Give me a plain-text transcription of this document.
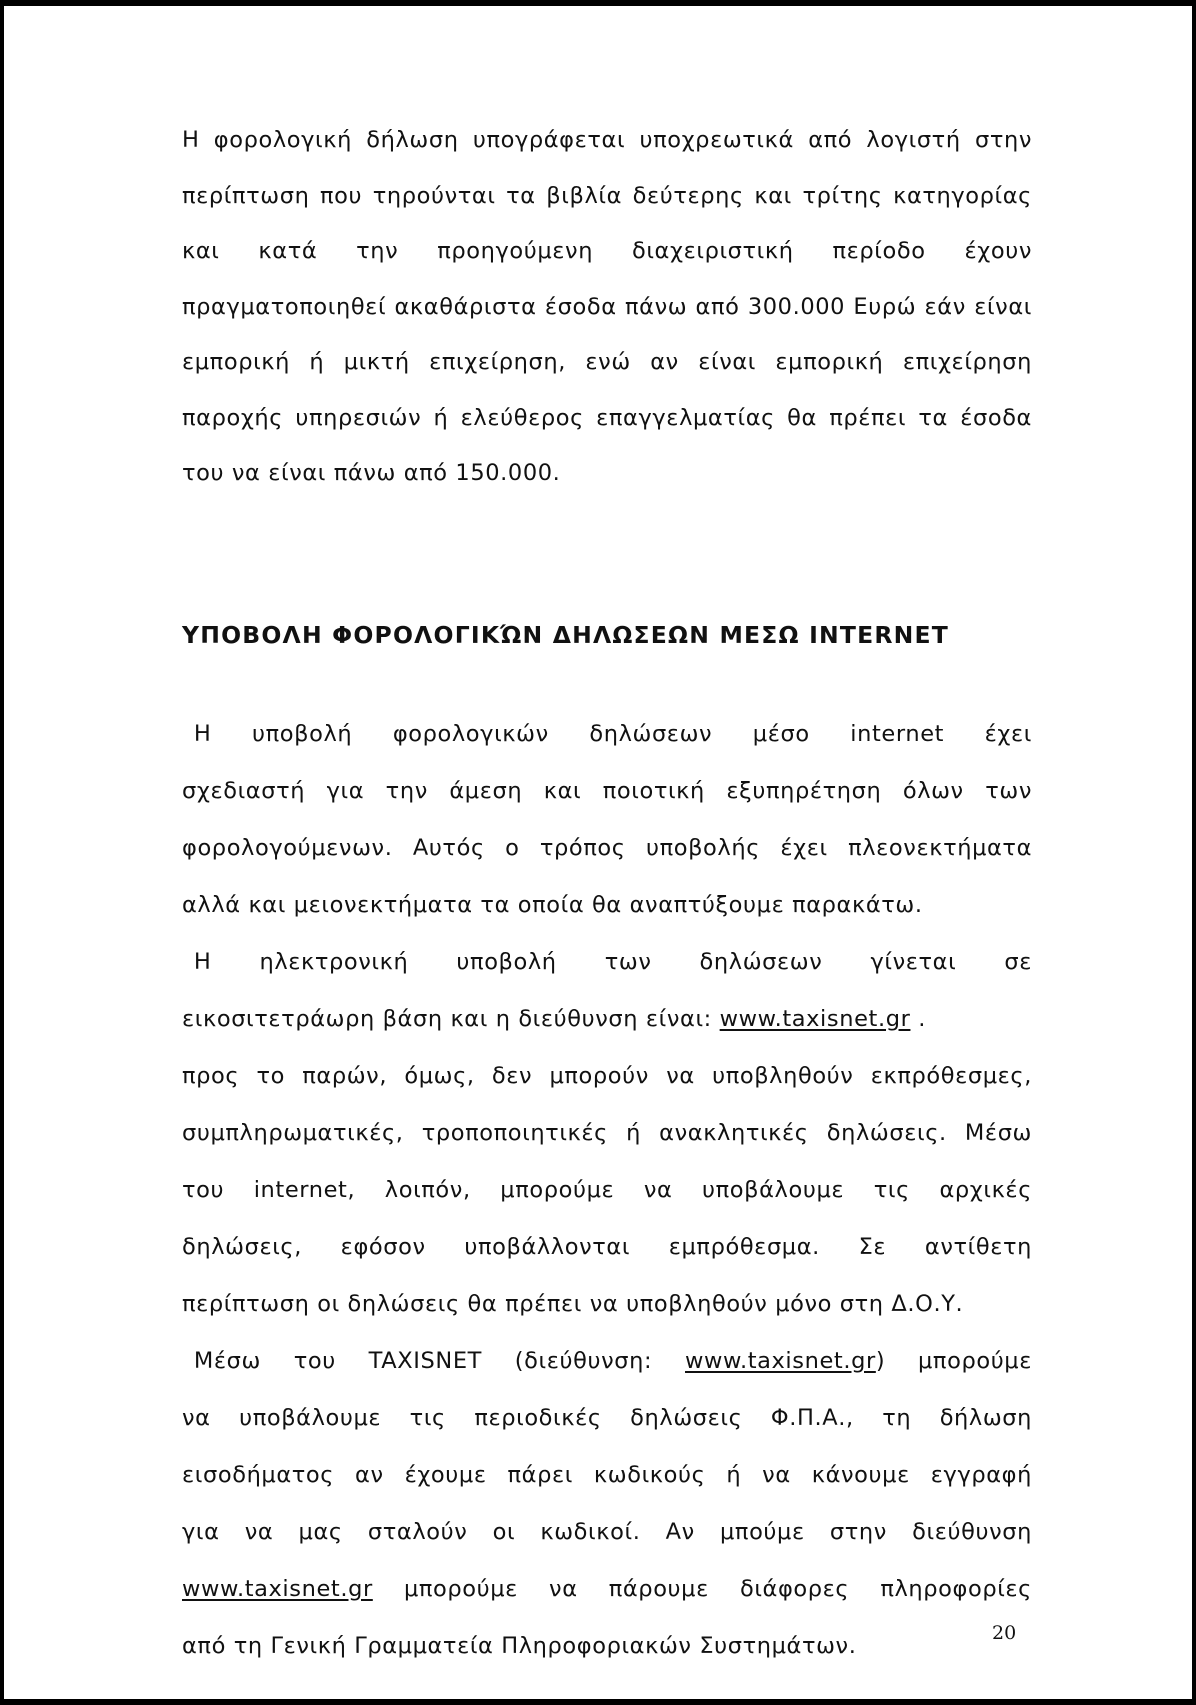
Η φορολογική δήλωση υπογράφεται υποχρεωτικά από λογιστή στην περίπτωση που τηρούνται τα βιβλία δεύτερης και τρίτης κατηγορίας και κατά την προηγούμενη διαχειριστική περίοδο έχουν πραγματοποιηθεί ακαθάριστα έσοδα πάνω από 300.000 Ευρώ εάν είναι εμπορική ή μικτή επιχείρηση, ενώ αν είναι εμπορική επιχείρηση παροχής υπηρεσιών ή ελεύθερος επαγγελματίας θα πρέπει τα έσοδα του να είναι πάνω από 150.000.
ΥΠΟΒΟΛΗ ΦΟΡΟΛΟΓΙΚΏΝ ΔΗΛΩΣΕΩΝ ΜΕΣΩ INTERNET

 Η υποβολή φορολογικών δηλώσεων μέσο internet έχει

σχεδιαστή για την άμεση και ποιοτική εξυπηρέτηση όλων των

φορολογούμενων. Αυτός ο τρόπος υποβολής έχει πλεονεκτήματα

αλλά και μειονεκτήματα τα οποία θα αναπτύξουμε παρακάτω.

 Η ηλεκτρονική υποβολή των δηλώσεων γίνεται σε

εικοσιτετράωρη βάση και η διεύθυνση είναι: www.taxisnet.gr .

προς το παρών, όμως, δεν μπορούν να υποβληθούν εκπρόθεσμες,

συμπληρωματικές, τροποποιητικές ή ανακλητικές δηλώσεις. Μέσω

του internet, λοιπόν, μπορούμε να υποβάλουμε τις αρχικές

δηλώσεις, εφόσον υποβάλλονται εμπρόθεσμα. Σε αντίθετη

περίπτωση οι δηλώσεις θα πρέπει να υποβληθούν μόνο στη Δ.Ο.Υ.

 Μέσω του TAXISNET (διεύθυνση: www.taxisnet.gr) μπορούμε

να υποβάλουμε τις περιοδικές δηλώσεις Φ.Π.Α., τη δήλωση

εισοδήματος αν έχουμε πάρει κωδικούς ή να κάνουμε εγγραφή

για να μας σταλούν οι κωδικοί. Αν μπούμε στην διεύθυνση

www.taxisnet.gr μπορούμε να πάρουμε διάφορες πληροφορίες

από τη Γενική Γραμματεία Πληροφοριακών Συστημάτων.	20
